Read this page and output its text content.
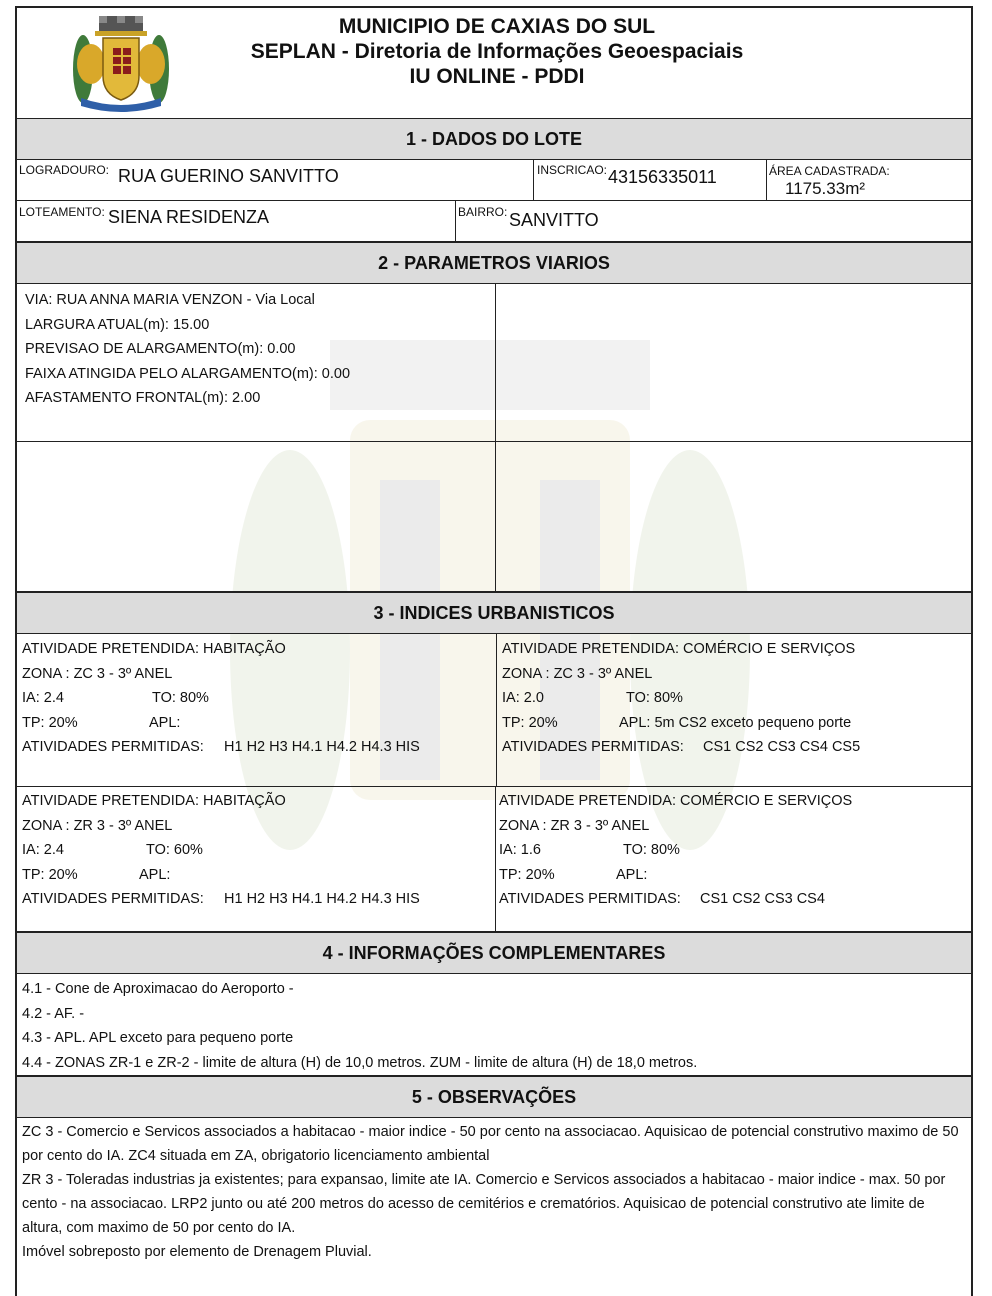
MUNICIPIO DE CAXIAS DO SUL
SEPLAN - Diretoria de Informações Geoespaciais
IU ONLINE - PDDI
1 - DADOS DO LOTE
LOGRADOURO: RUA GUERINO SANVITTO	INSCRICAO: 43156335011	ÁREA CADASTRADA:
1175.33m²
LOTEAMENTO: SIENA RESIDENZA	BAIRRO: SANVITTO
2 - PARAMETROS VIARIOS
VIA: RUA ANNA MARIA VENZON - Via Local
LARGURA ATUAL(m): 15.00
PREVISAO DE ALARGAMENTO(m): 0.00
FAIXA ATINGIDA PELO ALARGAMENTO(m): 0.00
AFASTAMENTO FRONTAL(m): 2.00
3 - INDICES URBANISTICOS
ATIVIDADE PRETENDIDA: HABITAÇÃO
ZONA : ZC 3 - 3º ANEL
IA: 2.4	TO: 80%
TP: 20%	APL:
ATIVIDADES PERMITIDAS: H1 H2 H3 H4.1 H4.2 H4.3 HIS
ATIVIDADE PRETENDIDA: COMÉRCIO E SERVIÇOS
ZONA : ZC 3 - 3º ANEL
IA: 2.0	TO: 80%
TP: 20%	APL: 5m CS2 exceto pequeno porte
ATIVIDADES PERMITIDAS: CS1 CS2 CS3 CS4 CS5
ATIVIDADE PRETENDIDA: HABITAÇÃO
ZONA : ZR 3 - 3º ANEL
IA: 2.4	TO: 60%
TP: 20%	APL:
ATIVIDADES PERMITIDAS: H1 H2 H3 H4.1 H4.2 H4.3 HIS
ATIVIDADE PRETENDIDA: COMÉRCIO E SERVIÇOS
ZONA : ZR 3 - 3º ANEL
IA: 1.6	TO: 80%
TP: 20%	APL:
ATIVIDADES PERMITIDAS: CS1 CS2 CS3 CS4
4 - INFORMAÇÕES COMPLEMENTARES
4.1 - Cone de Aproximacao do Aeroporto -
4.2 - AF. -
4.3 - APL. APL exceto para pequeno porte
4.4 - ZONAS ZR-1 e ZR-2 - limite de altura (H) de 10,0 metros. ZUM - limite de altura (H) de 18,0 metros.
5 - OBSERVAÇÕES
ZC 3 - Comercio e Servicos associados a habitacao - maior indice - 50 por cento na associacao. Aquisicao de potencial construtivo maximo de 50 por cento do IA. ZC4 situada em ZA, obrigatorio licenciamento ambiental
ZR 3 - Toleradas industrias ja existentes; para expansao, limite ate IA. Comercio e Servicos associados a habitacao - maior indice - max. 50 por cento - na associacao. LRP2 junto ou até 200 metros do acesso de cemitérios e crematórios. Aquisicao de potencial construtivo ate limite de altura, com maximo de 50 por cento do IA.
Imóvel sobreposto por elemento de Drenagem Pluvial.
